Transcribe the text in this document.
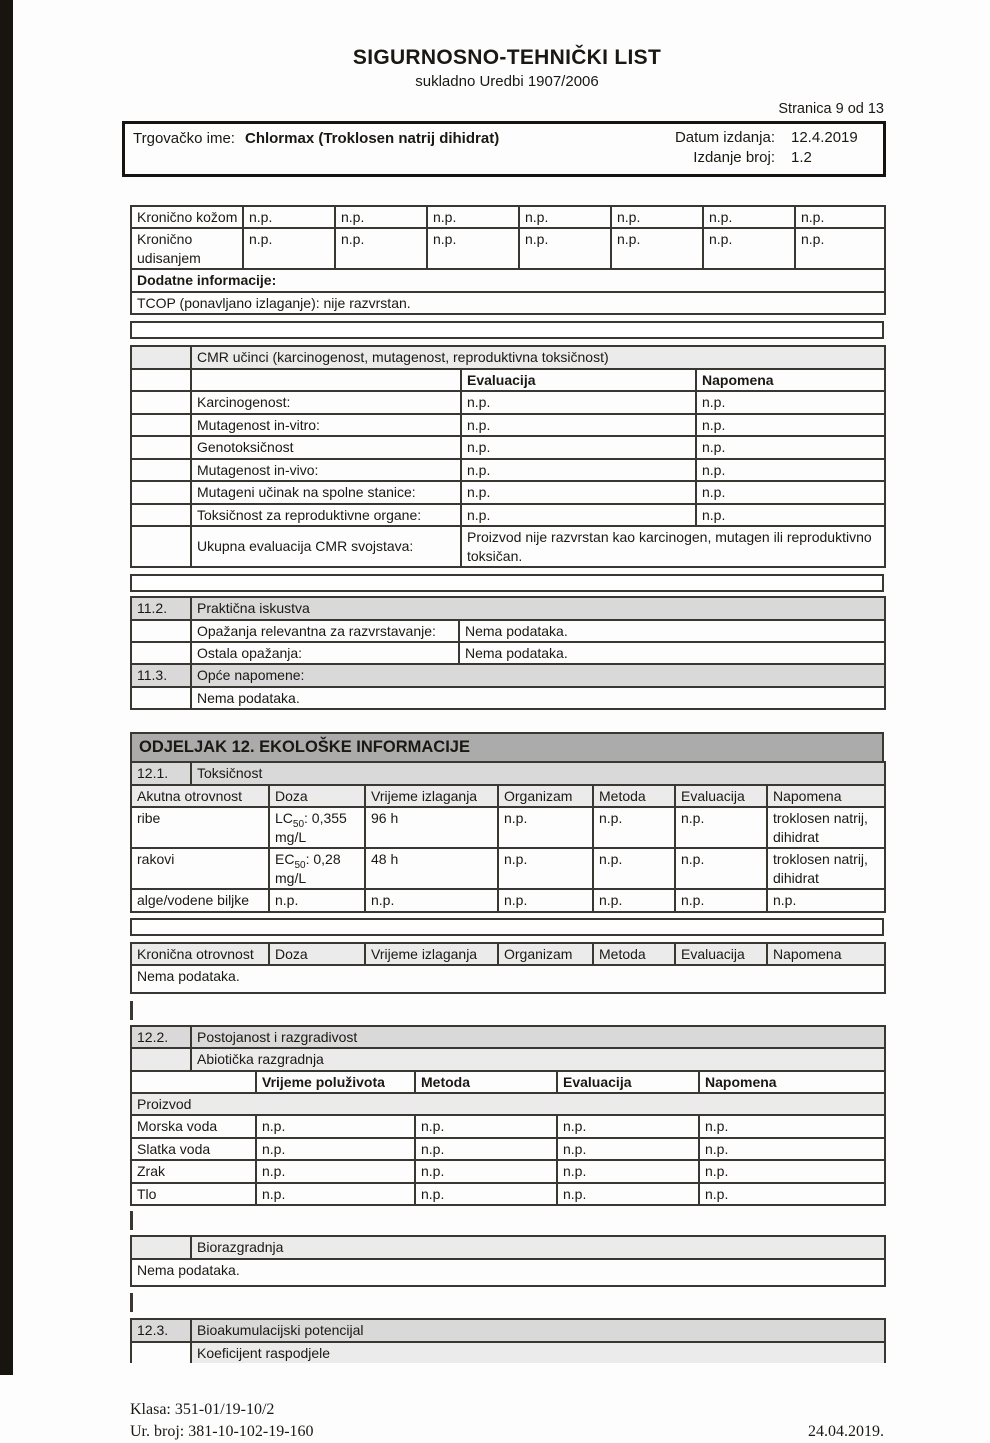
SIGURNOSNO-TEHNIČKI LIST
sukladno Uredbi 1907/2006
Stranica 9 od 13
Trgovačko ime: Chlormax (Troklosen natrij dihidrat)	Datum izdanja: 12.4.2019
Izdanje broj: 1.2
Kronično kožom	n.p.	n.p.	n.p.	n.p.	n.p.	n.p.	n.p.
Kronično udisanjem	n.p.	n.p.	n.p.	n.p.	n.p.	n.p.	n.p.
Dodatne informacije:							
TCOP (ponavljano izlaganje): nije razvrstan.							
	CMR učinci (karcinogenost, mutagenost, reproduktivna toksičnost)		
		Evaluacija	Napomena
	Karcinogenost:	n.p.	n.p.
	Mutagenost in-vitro:	n.p.	n.p.
	Genotoksičnost	n.p.	n.p.
	Mutagenost in-vivo:	n.p.	n.p.
	Mutageni učinak na spolne stanice:	n.p.	n.p.
	Toksičnost za reproduktivne organe:	n.p.	n.p.
	Ukupna evaluacija CMR svojstava:	Proizvod nije razvrstan kao karcinogen, mutagen ili reproduktivno toksičan.	
11.2.	Praktična iskustva	
	Opažanja relevantna za razvrstavanje:	Nema podataka.
	Ostala opažanja:	Nema podataka.
11.3.	Opće napomene:	
	Nema podataka.	
ODJELJAK 12. EKOLOŠKE INFORMACIJE
12.1.	Toksičnost
Akutna otrovnost	Doza	Vrijeme izlaganja	Organizam	Metoda	Evaluacija	Napomena
ribe	$LC_{50}$: 0,355 mg/L	96 h	n.p.	n.p.	n.p.	troklosen natrij, dihidrat
rakovi	$EC_{50}$: 0,28 mg/L	48 h	n.p.	n.p.	n.p.	troklosen natrij, dihidrat
alge/vodene biljke	n.p.	n.p.	n.p.	n.p.	n.p.	n.p.
Kronična otrovnost	Doza	Vrijeme izlaganja	Organizam	Metoda	Evaluacija	Napomena
Nema podataka.
12.2.	Postojanost i razgradivost
	Abiotička razgradnja
	Vrijeme poluživota	Metoda	Evaluacija	Napomena
Proizvod				
Morska voda	n.p.	n.p.	n.p.	n.p.
Slatka voda	n.p.	n.p.	n.p.	n.p.
Zrak	n.p.	n.p.	n.p.	n.p.
Tlo	n.p.	n.p.	n.p.	n.p.
	Biorazgradnja
Nema podataka.
12.3.	Bioakumulacijski potencijal
	Koeficijent raspodjele
Klasa: 351-01/19-10/2
Ur. broj: 381-10-102-19-160	24.04.2019.
